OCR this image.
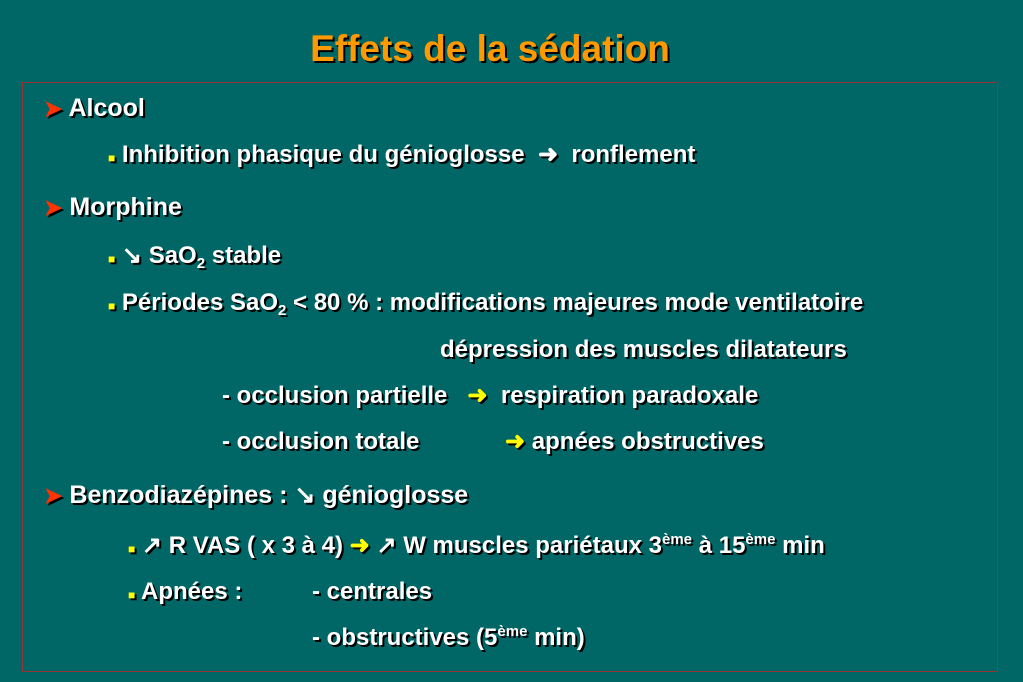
Effets de la sédation
➤ Alcool
■ Inhibition phasique du génioglosse ➜ ronflement
➤ Morphine
■ ↘ SaO$_2$ stable
■ Périodes SaO$_2$ < 80 % : modifications majeures mode ventilatoire
dépression des muscles dilatateurs
- occlusion partielle ➜ respiration paradoxale
- occlusion totale	➜ apnées obstructives
➤ Benzodiazépines : ↘ génioglosse
■ ↗ R VAS ( x 3 à 4) ➜ ↗ W muscles pariétaux 3ème à 15ème min
■ Apnées :	- centrales
- obstructives (5ème min)
